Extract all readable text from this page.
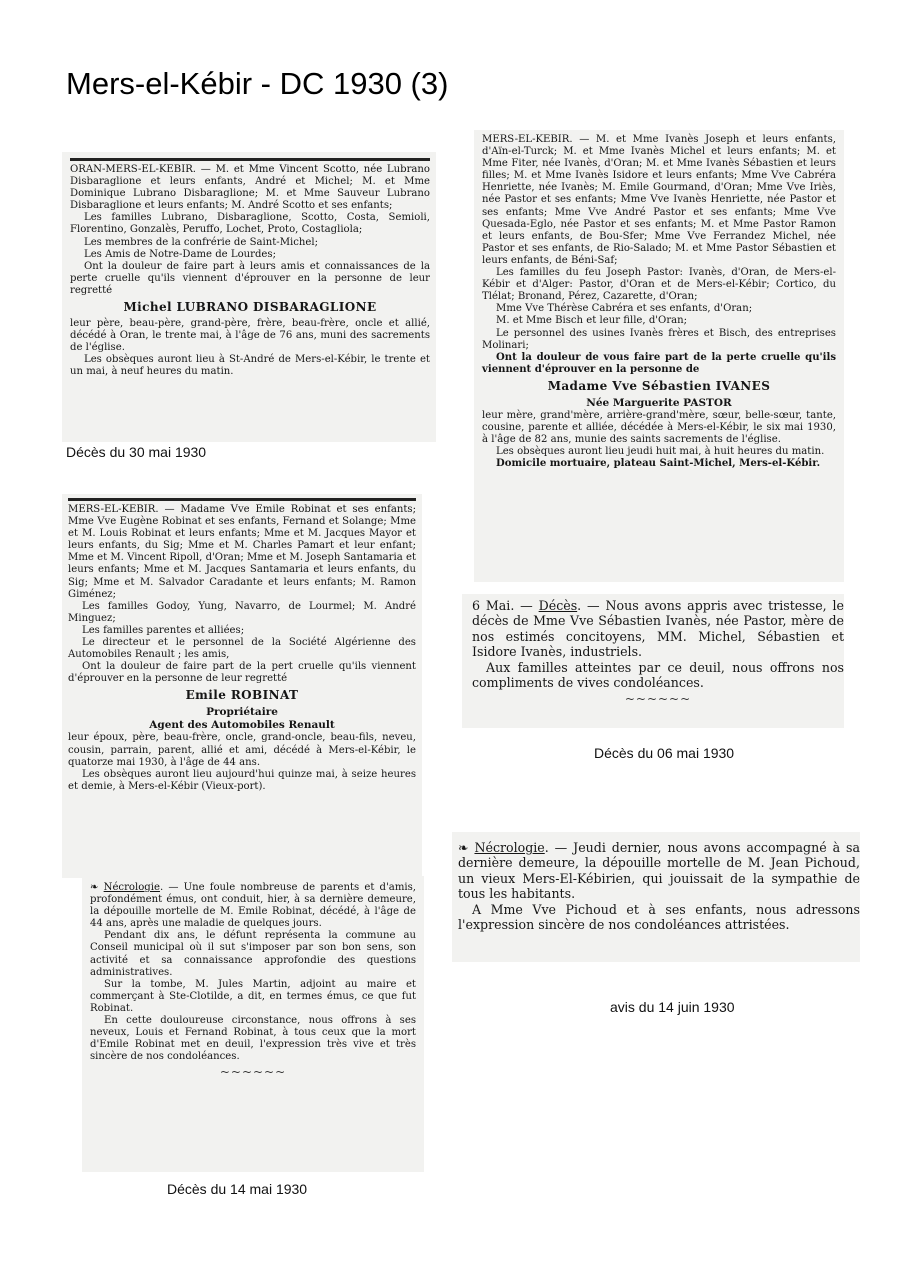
Mers-el-Kébir - DC 1930 (3)

ORAN-MERS-EL-KEBIR. — M. et Mme Vincent Scotto, née Lubrano Disbaraglione et leurs enfants, André et Michel; M. et Mme Dominique Lubrano Disbaraglione; M. et Mme Sauveur Lubrano Disbaraglione et leurs enfants; M. André Scotto et ses enfants;

Les familles Lubrano, Disbaraglione, Scotto, Costa, Semioli, Florentino, Gonzalès, Peruffo, Lochet, Proto, Costagliola;

Les membres de la confrérie de Saint-Michel;

Les Amis de Notre-Dame de Lourdes;

Ont la douleur de faire part à leurs amis et connaissances de la perte cruelle qu'ils viennent d'éprouver en la personne de leur regretté

Michel LUBRANO DISBARAGLIONE

leur père, beau-père, grand-père, frère, beau-frère, oncle et allié, décédé à Oran, le trente mai, à l'âge de 76 ans, muni des sacrements de l'église.

Les obsèques auront lieu à St-André de Mers-el-Kébir, le trente et un mai, à neuf heures du matin.

Décès du 30 mai 1930

MERS-EL-KEBIR. — Madame Vve Emile Robinat et ses enfants; Mme Vve Eugène Robinat et ses enfants, Fernand et Solange; Mme et M. Louis Robinat et leurs enfants; Mme et M. Jacques Mayor et leurs enfants, du Sig; Mme et M. Charles Pamart et leur enfant; Mme et M. Vincent Ripoll, d'Oran; Mme et M. Joseph Santamaria et leurs enfants; Mme et M. Jacques Santamaria et leurs enfants, du Sig; Mme et M. Salvador Caradante et leurs enfants; M. Ramon Giménez;

Les familles Godoy, Yung, Navarro, de Lourmel; M. André Minguez;

Les familles parentes et alliées;

Le directeur et le personnel de la Société Algérienne des Automobiles Renault ; les amis,

Ont la douleur de faire part de la pert cruelle qu'ils viennent d'éprouver en la personne de leur regretté

Emile ROBINAT

Propriétaire

Agent des Automobiles Renault

leur époux, père, beau-frère, oncle, grand-oncle, beau-fils, neveu, cousin, parrain, parent, allié et ami, décédé à Mers-el-Kébir, le quatorze mai 1930, à l'âge de 44 ans.

Les obsèques auront lieu aujourd'hui quinze mai, à seize heures et demie, à Mers-el-Kébir (Vieux-port).

❧ Nécrologie. — Une foule nombreuse de parents et d'amis, profondément émus, ont conduit, hier, à sa dernière demeure, la dépouille mortelle de M. Emile Robinat, décédé, à l'âge de 44 ans, après une maladie de quelques jours.

Pendant dix ans, le défunt représenta la commune au Conseil municipal où il sut s'imposer par son bon sens, son activité et sa connaissance approfondie des questions administratives.

Sur la tombe, M. Jules Martin, adjoint au maire et commerçant à Ste-Clotilde, a dit, en termes émus, ce que fut Robinat.

En cette douloureuse circonstance, nous offrons à ses neveux, Louis et Fernand Robinat, à tous ceux que la mort d'Emile Robinat met en deuil, l'expression très vive et très sincère de nos condoléances.

~~~~~~
Décès du 14 mai 1930

MERS-EL-KEBIR. — M. et Mme Ivanès Joseph et leurs enfants, d'Aïn-el-Turck; M. et Mme Ivanès Michel et leurs enfants; M. et Mme Fiter, née Ivanès, d'Oran; M. et Mme Ivanès Sébastien et leurs filles; M. et Mme Ivanès Isidore et leurs enfants; Mme Vve Cabréra Henriette, née Ivanès; M. Emile Gourmand, d'Oran; Mme Vve Iriès, née Pastor et ses enfants; Mme Vve Ivanès Henriette, née Pastor et ses enfants; Mme Vve André Pastor et ses enfants; Mme Vve Quesada-Eglo, née Pastor et ses enfants; M. et Mme Pastor Ramon et leurs enfants, de Bou-Sfer; Mme Vve Ferrandez Michel, née Pastor et ses enfants, de Rio-Salado; M. et Mme Pastor Sébastien et leurs enfants, de Béni-Saf;

Les familles du feu Joseph Pastor: Ivanès, d'Oran, de Mers-el-Kébir et d'Alger: Pastor, d'Oran et de Mers-el-Kébir; Cortico, du Tlélat; Bronand, Pérez, Cazarette, d'Oran;

Mme Vve Thérèse Cabréra et ses enfants, d'Oran;

M. et Mme Bisch et leur fille, d'Oran;

Le personnel des usines Ivanès frères et Bisch, des entreprises Molinari;

Ont la douleur de vous faire part de la perte cruelle qu'ils viennent d'éprouver en la personne de

Madame Vve Sébastien IVANES

Née Marguerite PASTOR

leur mère, grand'mère, arrière-grand'mère, sœur, belle-sœur, tante, cousine, parente et alliée, décédée à Mers-el-Kébir, le six mai 1930, à l'âge de 82 ans, munie des saints sacrements de l'église.

Les obsèques auront lieu jeudi huit mai, à huit heures du matin.

Domicile mortuaire, plateau Saint-Michel, Mers-el-Kébir.

6 Mai. — Décès. — Nous avons appris avec tristesse, le décès de Mme Vve Sébastien Ivanès, née Pastor, mère de nos estimés concitoyens, MM. Michel, Sébastien et Isidore Ivanès, industriels.

Aux familles atteintes par ce deuil, nous offrons nos compliments de vives condoléances.

~~~~~~
Décès du 06 mai 1930

❧ Nécrologie. — Jeudi dernier, nous avons accompagné à sa dernière demeure, la dépouille mortelle de M. Jean Pichoud, un vieux Mers-El-Kébirien, qui jouissait de la sympathie de tous les habitants.

A Mme Vve Pichoud et à ses enfants, nous adressons l'expression sincère de nos condoléances attristées.

avis du 14 juin 1930
